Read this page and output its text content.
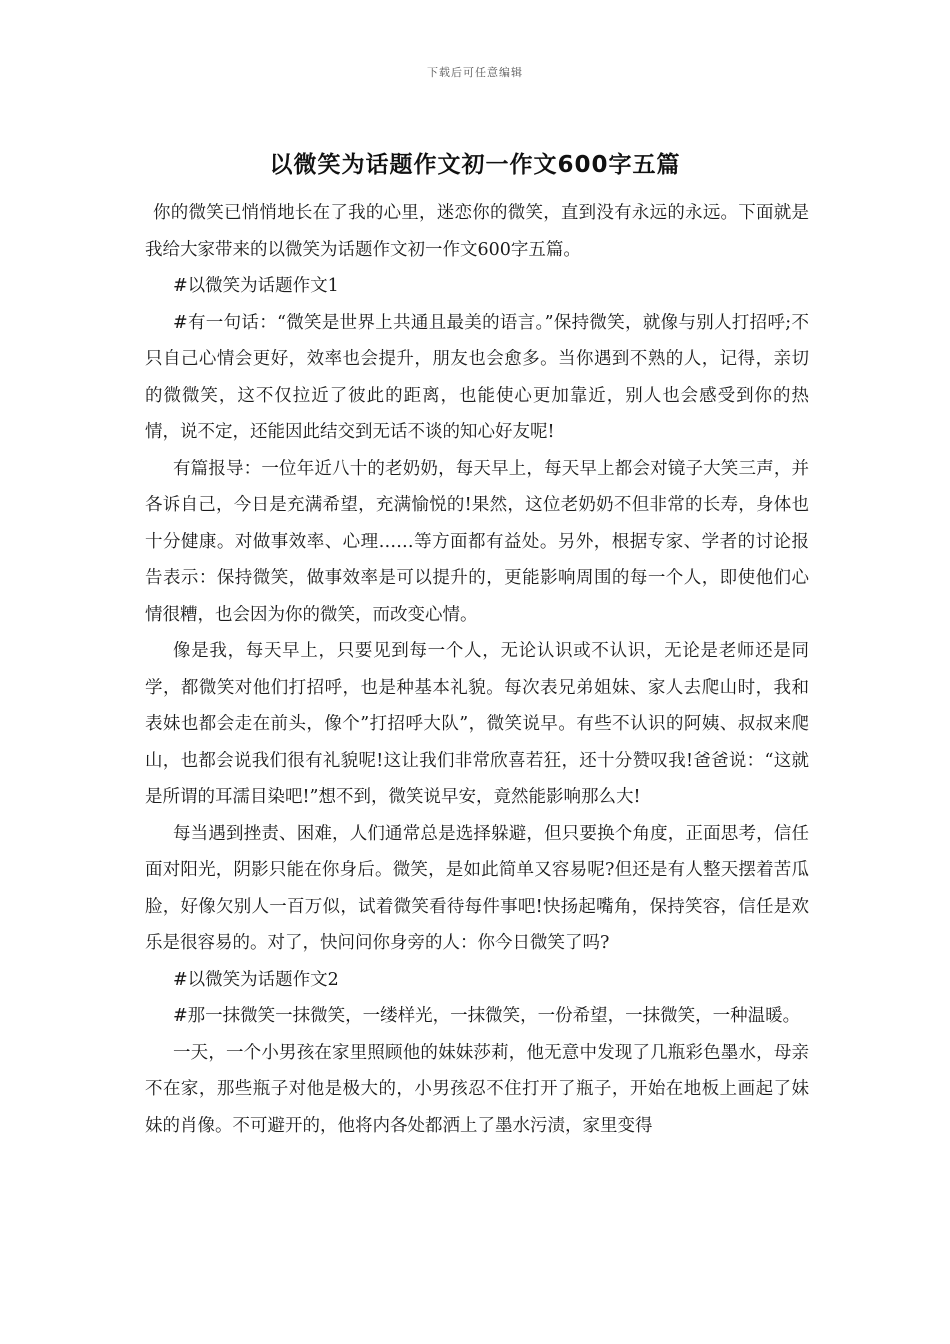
下载后可任意编辑
以微笑为话题作文初一作文600字五篇

你的微笑已悄悄地长在了我的心里，迷恋你的微笑，直到没有永远的永远。下面就是我给大家带来的以微笑为话题作文初一作文600字五篇。

#以微笑为话题作文1

#有一句话：“微笑是世界上共通且最美的语言。”保持微笑，就像与别人打招呼;不只自己心情会更好，效率也会提升，朋友也会愈多。当你遇到不熟的人，记得，亲切的微微笑，这不仅拉近了彼此的距离，也能使心更加靠近，别人也会感受到你的热情，说不定，还能因此结交到无话不谈的知心好友呢!

有篇报导：一位年近八十的老奶奶，每天早上，每天早上都会对镜子大笑三声，并各诉自己，今日是充满希望，充满愉悦的!果然，这位老奶奶不但非常的长寿，身体也十分健康。对做事效率、心理……等方面都有益处。另外，根据专家、学者的讨论报告表示：保持微笑，做事效率是可以提升的，更能影响周围的每一个人，即使他们心情很糟，也会因为你的微笑，而改变心情。

像是我，每天早上，只要见到每一个人，无论认识或不认识，无论是老师还是同学，都微笑对他们打招呼，也是种基本礼貌。每次表兄弟姐妹、家人去爬山时，我和表妹也都会走在前头，像个”打招呼大队”，微笑说早。有些不认识的阿姨、叔叔来爬山，也都会说我们很有礼貌呢!这让我们非常欣喜若狂，还十分赞叹我!爸爸说：“这就是所谓的耳濡目染吧!”想不到，微笑说早安，竟然能影响那么大!

每当遇到挫责、困难，人们通常总是选择躲避，但只要换个角度，正面思考，信任面对阳光，阴影只能在你身后。微笑，是如此简单又容易呢?但还是有人整天摆着苦瓜脸，好像欠别人一百万似，试着微笑看待每件事吧!快扬起嘴角，保持笑容，信任是欢乐是很容易的。对了，快问问你身旁的人：你今日微笑了吗?

#以微笑为话题作文2

#那一抹微笑一抹微笑，一缕样光，一抹微笑，一份希望，一抹微笑，一种温暖。

一天，一个小男孩在家里照顾他的妹妹莎莉，他无意中发现了几瓶彩色墨水，母亲不在家，那些瓶子对他是极大的，小男孩忍不住打开了瓶子，开始在地板上画起了妹妹的肖像。不可避开的，他将内各处都洒上了墨水污渍，家里变得
